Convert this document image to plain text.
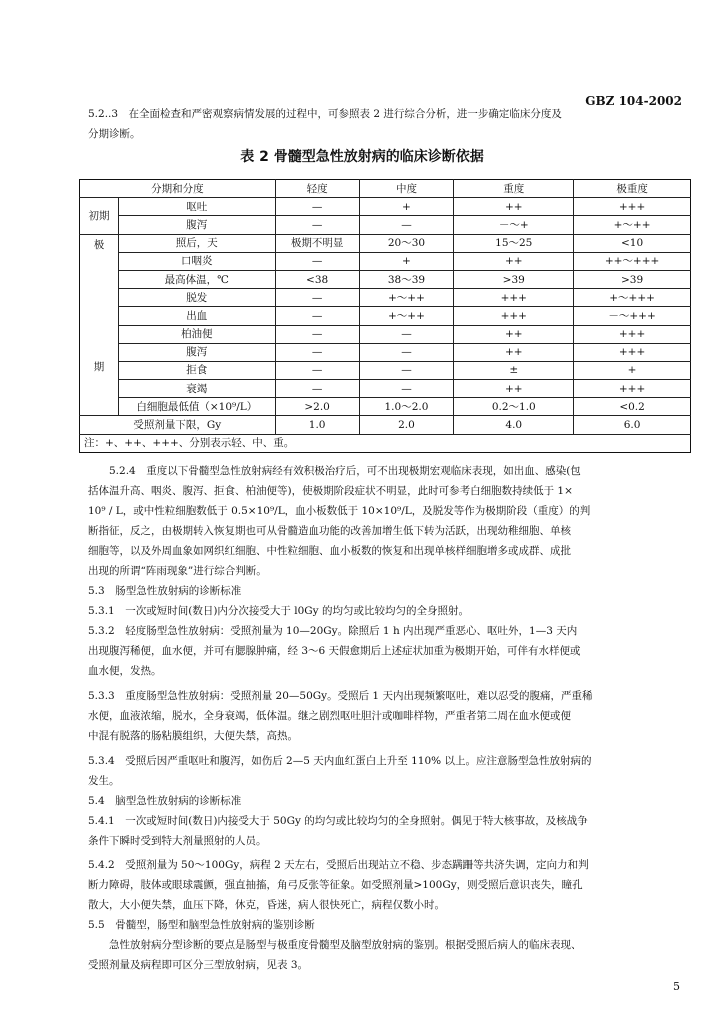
GBZ 104-2002
5.2..3　在全面检查和严密观察病情发展的过程中，可参照表 2 进行综合分析，进一步确定临床分度及
分期诊断。
表 2 骨髓型急性放射病的临床诊断依据
分期和分度		轻度	中度	重度	极重度
初期	呕吐	—	+	++	+++
	腹泻	—	—	－～+	+～++

极
期	照后，天	极期不明显	20～30	15～25	<10
	口咽炎	—	+	++	++～+++
	最高体温，℃	<38	38～39	>39	>39
	脱发	—	+～++	+++	+～+++
	出血	—	+～++	+++	－～+++
	柏油便	—	—	++	+++
	腹泻	—	—	++	+++
	拒食	—	—	±	+
	衰竭	—	—	++	+++
	白细胞最低值（×10⁹/L）	>2.0	1.0～2.0	0.2～1.0	<0.2
受照剂量下限，Gy		1.0	2.0	4.0	6.0
注：+、++、+++、分别表示轻、中、重。					
5.2.4　重度以下骨髓型急性放射病经有效积极治疗后，可不出现极期宏观临床表现，如出血、感染(包
括体温升高、咽炎、腹泻、拒食、柏油便等)，使极期阶段症状不明显，此时可参考白细胞数持续低于 1×
10⁹ / L，或中性粒细胞数低于 0.5×10⁹/L，血小板数低于 10×10⁹/L，及脱发等作为极期阶段（重度）的判
断指征，反之，由极期转入恢复期也可从骨髓造血功能的改善加增生低下转为活跃，出现幼稚细胞、单核
细胞等，以及外周血象如网织红细胞、中性粒细胞、血小板数的恢复和出现单核样细胞增多或成群、成批
出现的所谓“阵雨现象”进行综合判断。
5.3　肠型急性放射病的诊断标准
5.3.1　一次或短时间(数日)内分次接受大于 l0Gy 的均匀或比较均匀的全身照射。
5.3.2　轻度肠型急性放射病：受照剂量为 10—20Gy。除照后 1 h 内出现严重恶心、呕吐外，1—3 天内
出现腹泻稀便，血水便，并可有腮腺肿痛，经 3～6 天假愈期后上述症状加重为极期开始，可伴有水样便或
血水便，发热。
5.3.3　重度肠型急性放射病：受照剂量 20—50Gy。受照后 1 天内出现频繁呕吐，难以忍受的腹痛，严重稀
水便，血液浓缩，脱水，全身衰竭，低体温。继之剧烈呕吐胆汁或咖啡样物，严重者第二周在血水便或便
中混有脱落的肠粘膜组织，大便失禁，高热。
5.3.4　受照后因严重呕吐和腹泻，如伤后 2—5 天内血红蛋白上升至 110% 以上。应注意肠型急性放射病的
发生。
5.4　脑型急性放射病的诊断标准
5.4.1　一次或短时间(数日)内接受大于 50Gy 的均匀或比较均匀的全身照射。偶见于特大核事故，及核战争
条件下瞬时受到特大剂量照射的人员。
5.4.2　受照剂量为 50～100Gy，病程 2 天左右，受照后出现站立不稳、步态蹒跚等共济失调，定向力和判
断力障碍，肢体或眼球震颤，强直抽搐，角弓反张等征象。如受照剂量>100Gy，则受照后意识丧失，瞳孔
散大，大小便失禁，血压下降，休克，昏迷，病人很快死亡，病程仅数小时。
5.5　骨髓型，肠型和脑型急性放射病的鉴别诊断
急性放射病分型诊断的要点是肠型与极重度骨髓型及脑型放射病的鉴别。根据受照后病人的临床表现、
受照剂量及病程即可区分三型放射病，见表 3。
5
